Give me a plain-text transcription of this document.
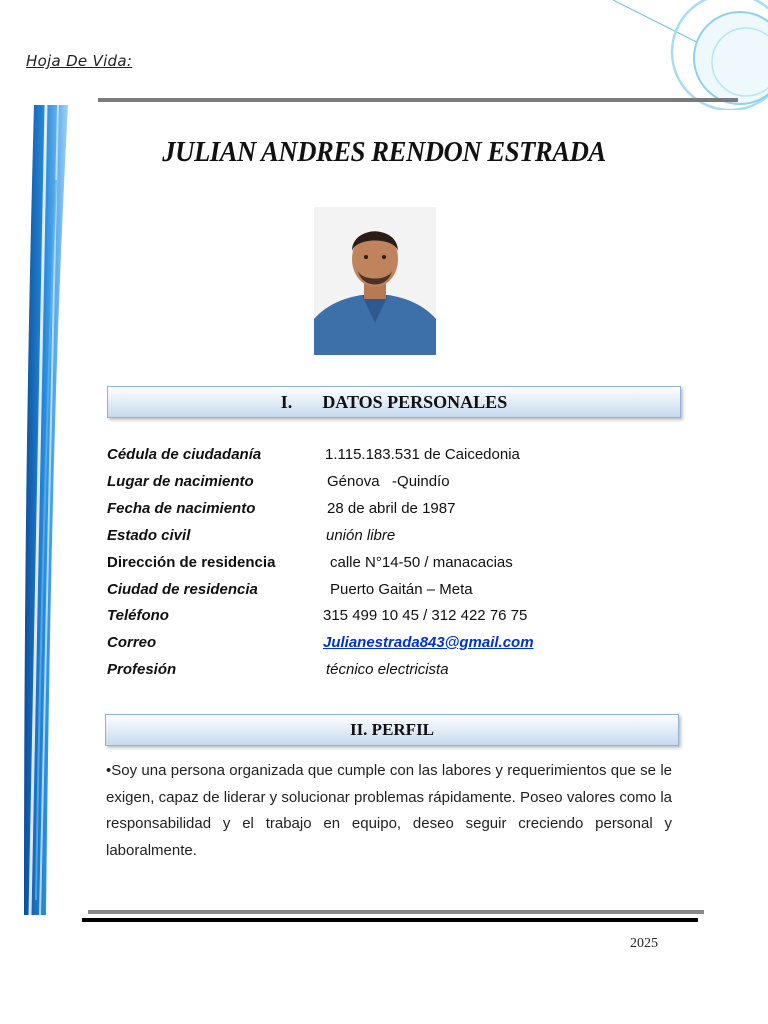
Hoja De Vida:
JULIAN ANDRES RENDON ESTRADA
I. DATOS PERSONALES
Cédula de ciudadanía	1.115.183.531 de Caicedonia
Lugar de nacimiento	Génova   -Quindío
Fecha de nacimiento	28 de abril de 1987
Estado civil	unión libre
Dirección de residencia	calle N°14-50 / manacacias
Ciudad de residencia	Puerto Gaitán – Meta
Teléfono	315 499 10 45 / 312 422 76 75
Correo	Julianestrada843@gmail.com
Profesión	técnico electricista
II. PERFIL
•Soy una persona organizada que cumple con las labores y requerimientos que se le exigen, capaz de liderar y solucionar problemas rápidamente. Poseo valores como la responsabilidad y el trabajo en equipo, deseo seguir creciendo personal y laboralmente.
2025
